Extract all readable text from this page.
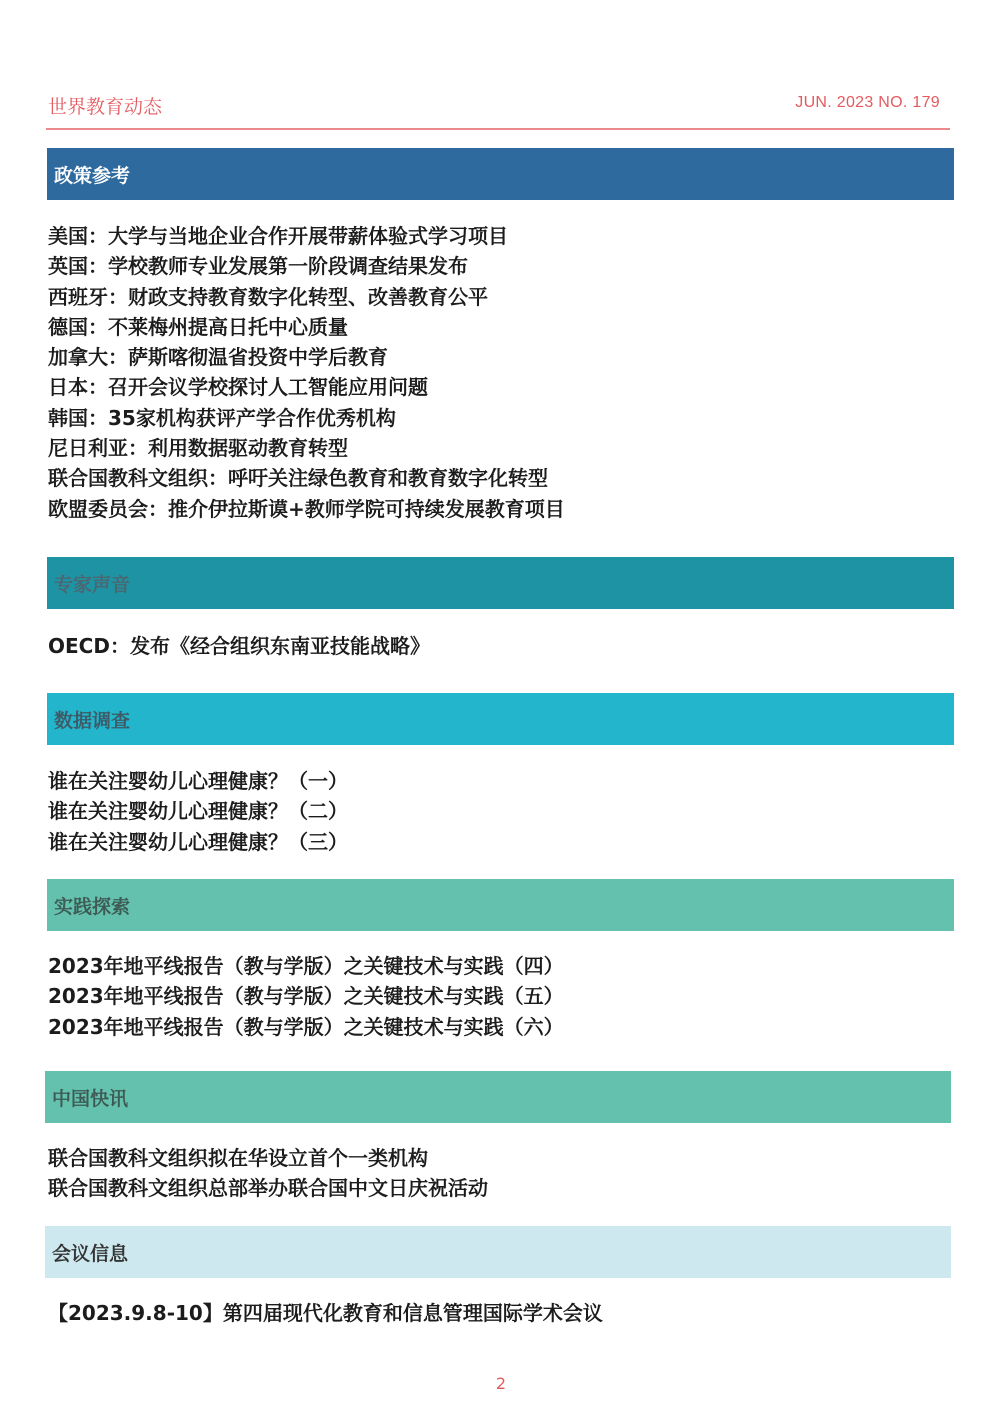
世界教育动态	JUN. 2023 NO. 179
政策参考
美国：大学与当地企业合作开展带薪体验式学习项目
英国：学校教师专业发展第一阶段调查结果发布
西班牙：财政支持教育数字化转型、改善教育公平
德国：不莱梅州提高日托中心质量
加拿大：萨斯喀彻温省投资中学后教育
日本：召开会议学校探讨人工智能应用问题
韩国：35家机构获评产学合作优秀机构
尼日利亚：利用数据驱动教育转型
联合国教科文组织：呼吁关注绿色教育和教育数字化转型
欧盟委员会：推介伊拉斯谟+教师学院可持续发展教育项目
专家声音
OECD：发布《经合组织东南亚技能战略》
数据调查
谁在关注婴幼儿心理健康？（一）
谁在关注婴幼儿心理健康？（二）
谁在关注婴幼儿心理健康？（三）
实践探索
2023年地平线报告（教与学版）之关键技术与实践（四）
2023年地平线报告（教与学版）之关键技术与实践（五）
2023年地平线报告（教与学版）之关键技术与实践（六）
中国快讯
联合国教科文组织拟在华设立首个一类机构
联合国教科文组织总部举办联合国中文日庆祝活动
会议信息
【2023.9.8-10】第四届现代化教育和信息管理国际学术会议
2
